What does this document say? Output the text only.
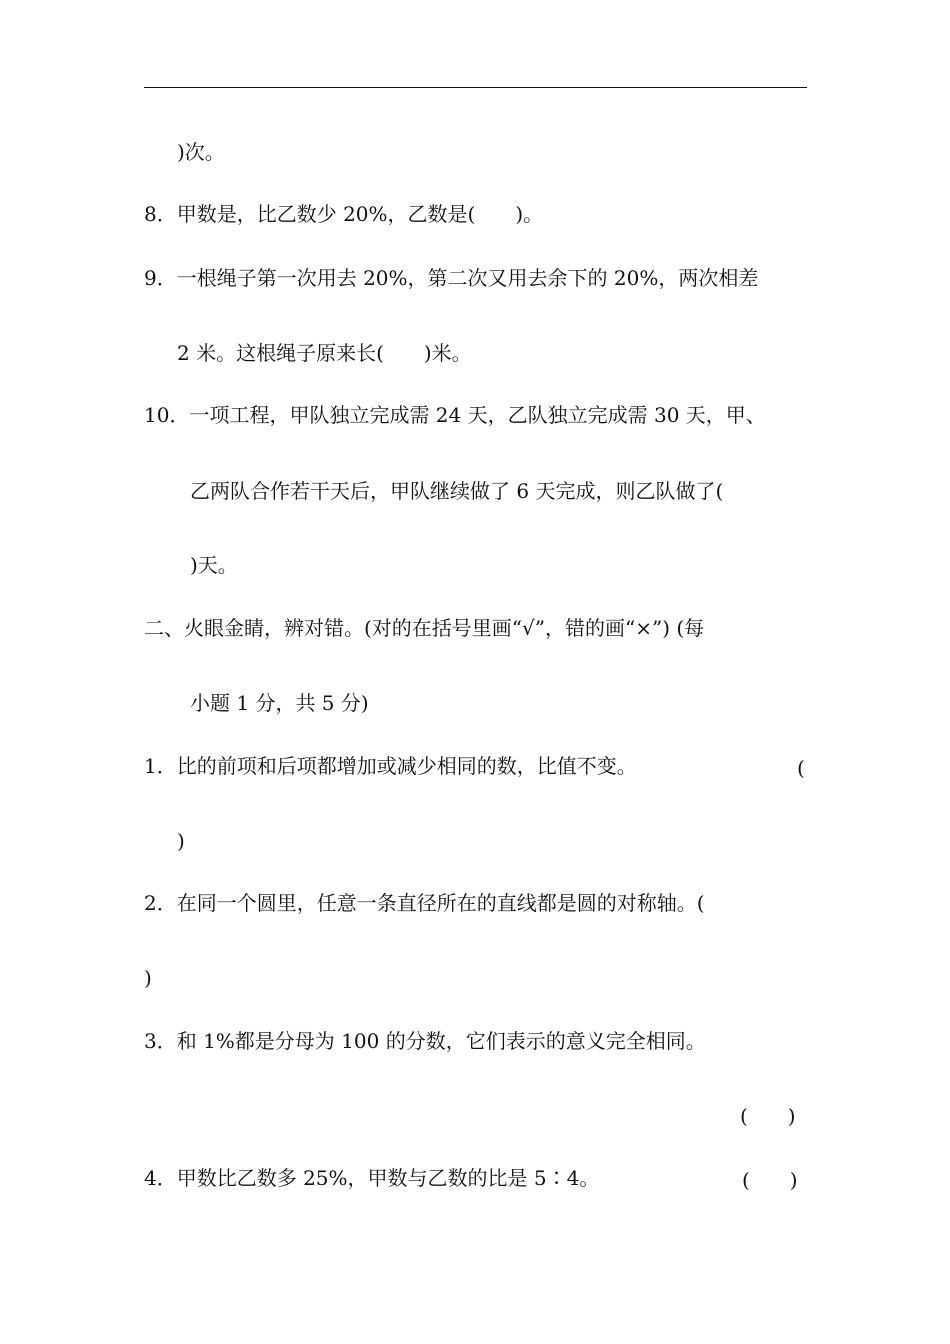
)次。
8．甲数是，比乙数少 20%，乙数是(　　)。
9．一根绳子第一次用去 20%，第二次又用去余下的 20%，两次相差
2 米。这根绳子原来长(　　)米。
10．一项工程，甲队独立完成需 24 天，乙队独立完成需 30 天，甲、
乙两队合作若干天后，甲队继续做了 6 天完成，则乙队做了(
)天。
二、火眼金睛，辨对错。(对的在括号里画“√”，错的画“×”) (每
小题 1 分，共 5 分)
1．比的前项和后项都增加或减少相同的数，比值不变。	(
)
2．在同一个圆里，任意一条直径所在的直线都是圆的对称轴。(
)
3．和 1%都是分母为 100 的分数，它们表示的意义完全相同。
(　　)
4．甲数比乙数多 25%，甲数与乙数的比是 5∶4。	(　　)
